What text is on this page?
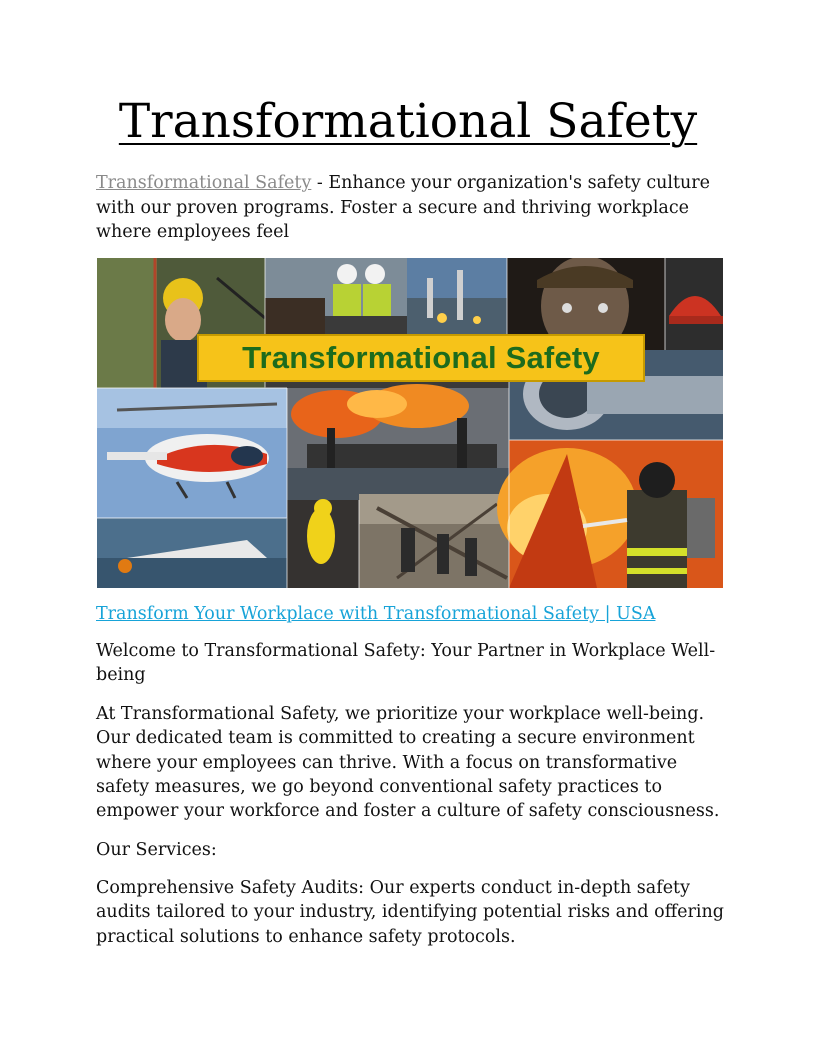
Transformational Safety

Transformational Safety - Enhance your organization's safety culture with our proven programs. Foster a secure and thriving workplace where employees feel

Transformational Safety
Transform Your Workplace with Transformational Safety | USA

Welcome to Transformational Safety: Your Partner in Workplace Well-being

At Transformational Safety, we prioritize your workplace well-being. Our dedicated team is committed to creating a secure environment where your employees can thrive. With a focus on transformative safety measures, we go beyond conventional safety practices to empower your workforce and foster a culture of safety consciousness.

Our Services:

Comprehensive Safety Audits: Our experts conduct in-depth safety audits tailored to your industry, identifying potential risks and offering practical solutions to enhance safety protocols.
